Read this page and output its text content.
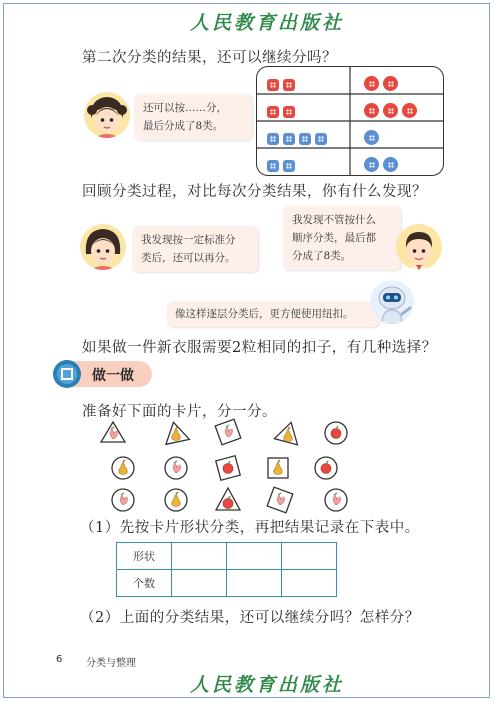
人民教育出版社
第二次分类的结果，还可以继续分吗？
还可以按……分，
最后分成了8类。
回顾分类过程，对比每次分类结果，你有什么发现？
我发现按一定标准分
类后，还可以再分。
我发现不管按什么
顺序分类，最后都
分成了8类。
像这样逐层分类后，更方便使用纽扣。
如果做一件新衣服需要2粒相同的扣子，有几种选择？
做一做
准备好下面的卡片，分一分。
（1）先按卡片形状分类，再把结果记录在下表中。
形状			
个数			
（2）上面的分类结果，还可以继续分吗？怎样分？
6 分类与整理
人民教育出版社
